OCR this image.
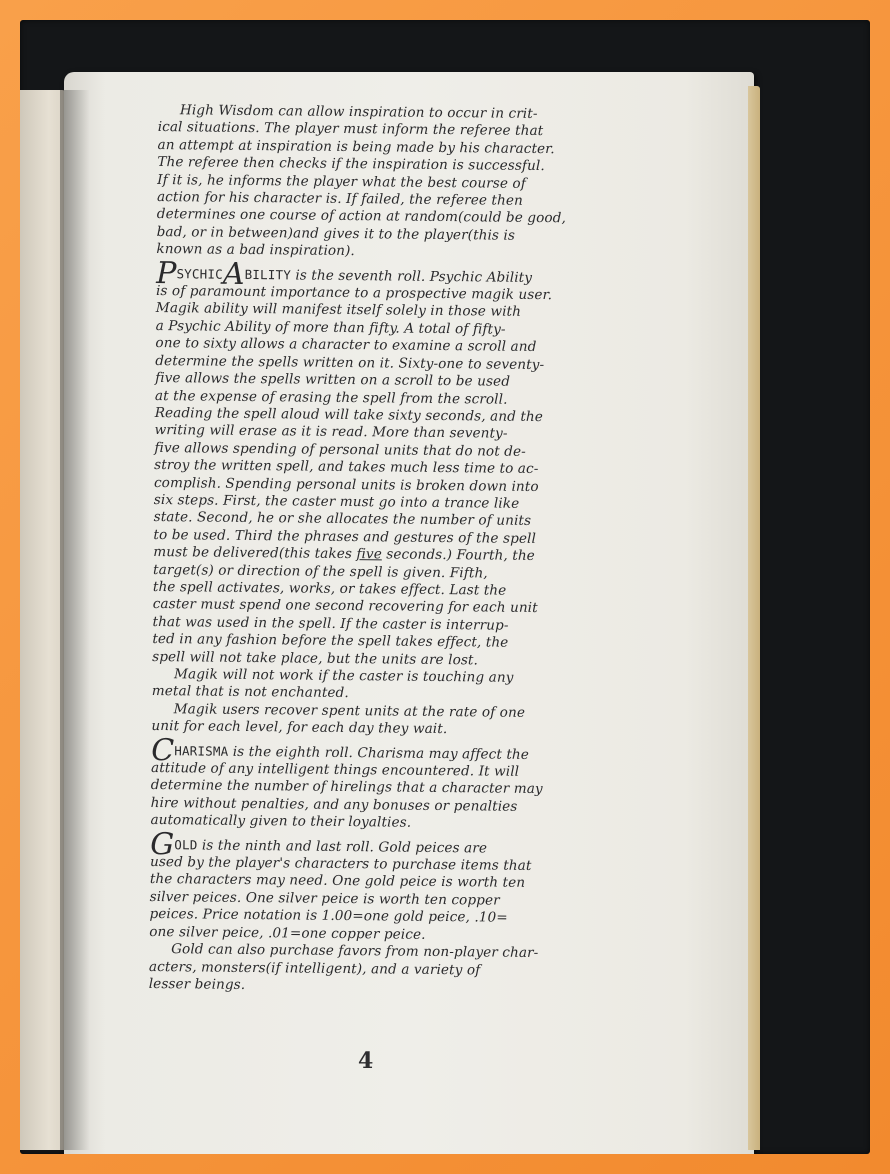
High Wisdom can allow inspiration to occur in crit-
ical situations. The player must inform the referee that
an attempt at inspiration is being made by his character.
The referee then checks if the inspiration is successful.
If it is, he informs the player what the best course of
action for his character is. If failed, the referee then
determines one course of action at random(could be good,
bad, or in between)and gives it to the player(this is
known as a bad inspiration).
PSYCHICABILITY is the seventh roll. Psychic Ability
is of paramount importance to a prospective magik user.
Magik ability will manifest itself solely in those with
a Psychic Ability of more than fifty. A total of fifty-
one to sixty allows a character to examine a scroll and
determine the spells written on it. Sixty-one to seventy-
five allows the spells written on a scroll to be used
at the expense of erasing the spell from the scroll.
Reading the spell aloud will take sixty seconds, and the
writing will erase as it is read. More than seventy-
five allows spending of personal units that do not de-
stroy the written spell, and takes much less time to ac-
complish. Spending personal units is broken down into
six steps. First, the caster must go into a trance like
state. Second, he or she allocates the number of units
to be used. Third the phrases and gestures of the spell
must be delivered(this takes five seconds.) Fourth, the
target(s) or direction of the spell is given. Fifth,
the spell activates, works, or takes effect. Last the
caster must spend one second recovering for each unit
that was used in the spell. If the caster is interrup-
ted in any fashion before the spell takes effect, the
spell will not take place, but the units are lost.
Magik will not work if the caster is touching any
metal that is not enchanted.
Magik users recover spent units at the rate of one
unit for each level, for each day they wait.
CHARISMA is the eighth roll. Charisma may affect the
attitude of any intelligent things encountered. It will
determine the number of hirelings that a character may
hire without penalties, and any bonuses or penalties
automatically given to their loyalties.
GOLD is the ninth and last roll. Gold peices are
used by the player's characters to purchase items that
the characters may need. One gold peice is worth ten
silver peices. One silver peice is worth ten copper
peices. Price notation is 1.00=one gold peice, .10=
one silver peice, .01=one copper peice.
Gold can also purchase favors from non-player char-
acters, monsters(if intelligent), and a variety of
lesser beings.
4
